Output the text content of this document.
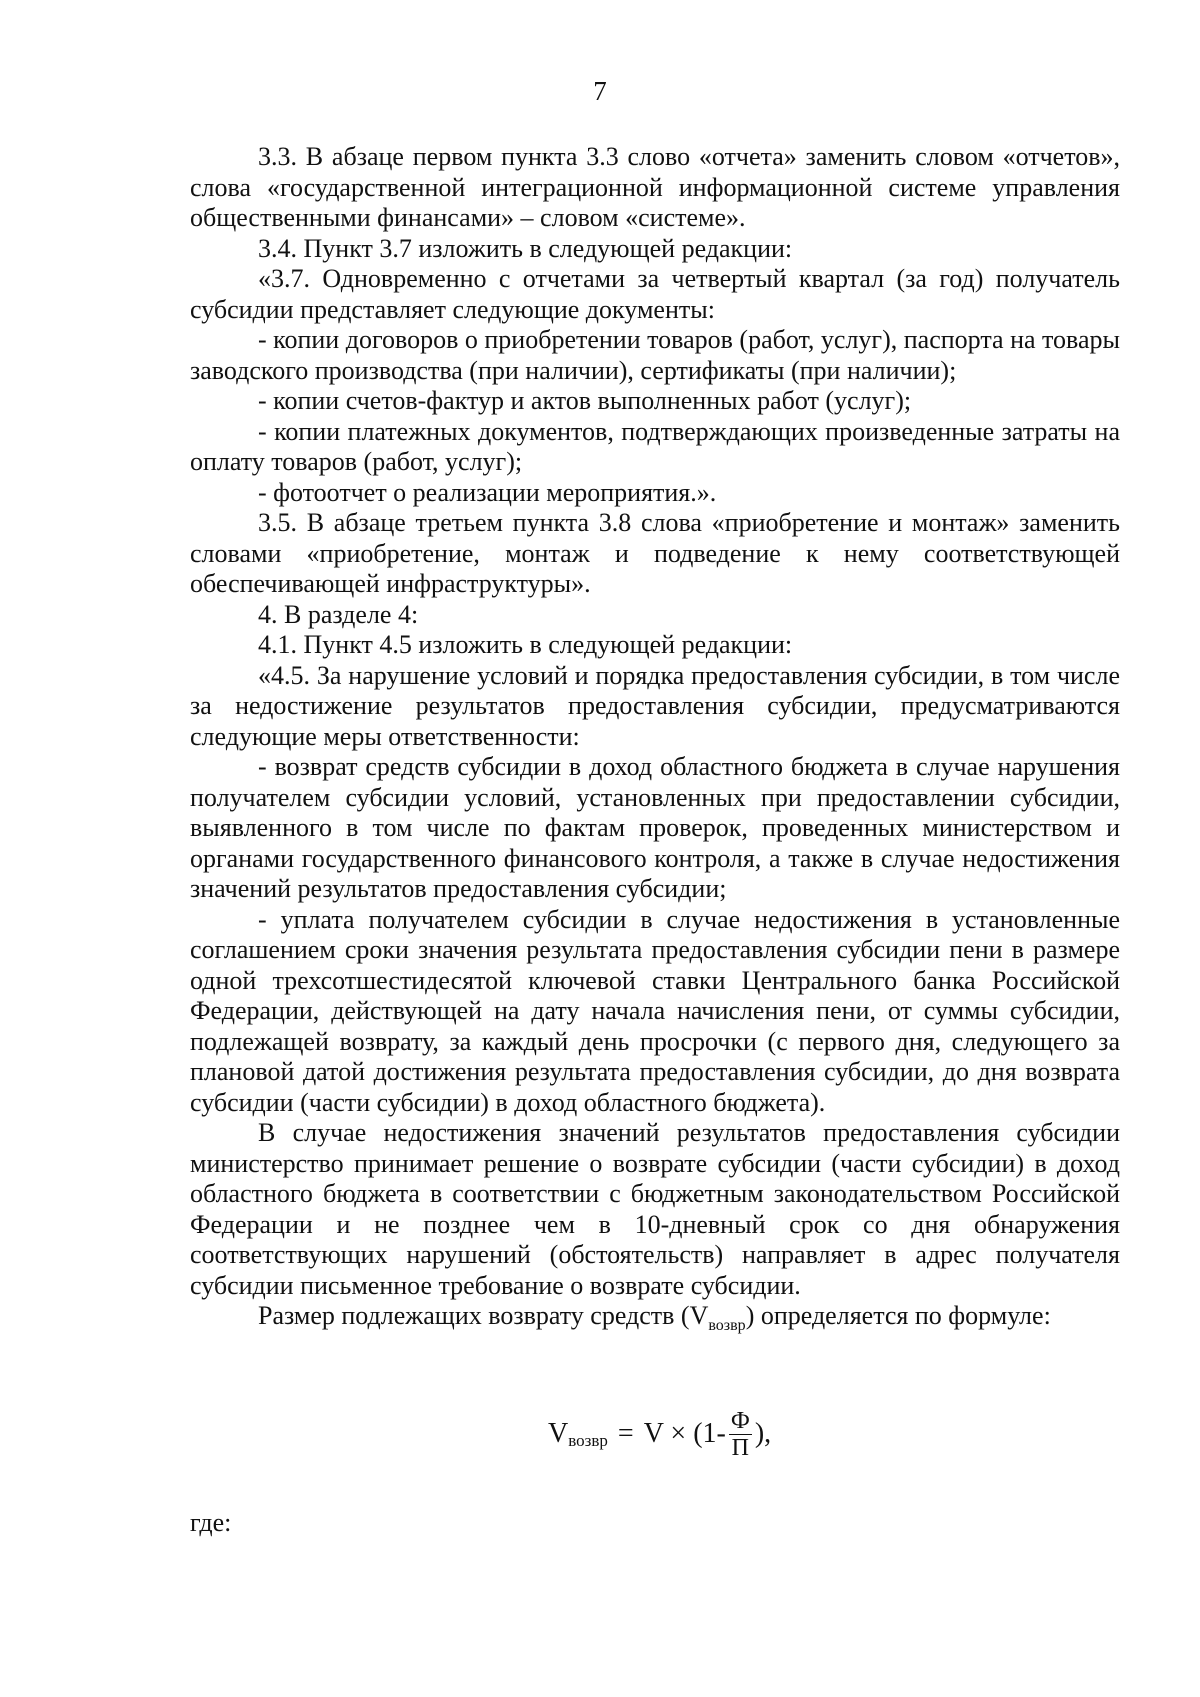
7

3.3. В абзаце первом пункта 3.3 слово «отчета» заменить словом «отчетов», слова «государственной интеграционной информационной системе управления общественными финансами» – словом «системе».

3.4. Пункт 3.7 изложить в следующей редакции:

«3.7. Одновременно с отчетами за четвертый квартал (за год) получатель субсидии представляет следующие документы:

- копии договоров о приобретении товаров (работ, услуг), паспорта на товары заводского производства (при наличии), сертификаты (при наличии);

- копии счетов-фактур и актов выполненных работ (услуг);

- копии платежных документов, подтверждающих произведенные затраты на оплату товаров (работ, услуг);

- фотоотчет о реализации мероприятия.».

3.5. В абзаце третьем пункта 3.8 слова «приобретение и монтаж» заменить словами «приобретение, монтаж и подведение к нему соответствующей обеспечивающей инфраструктуры».

4. В разделе 4:

4.1. Пункт 4.5 изложить в следующей редакции:

«4.5. За нарушение условий и порядка предоставления субсидии, в том числе за недостижение результатов предоставления субсидии, предусматриваются следующие меры ответственности:

- возврат средств субсидии в доход областного бюджета в случае нарушения получателем субсидии условий, установленных при предоставлении субсидии, выявленного в том числе по фактам проверок, проведенных министерством и органами государственного финансового контроля, а также в случае недостижения значений результатов предоставления субсидии;

- уплата получателем субсидии в случае недостижения в установленные соглашением сроки значения результата предоставления субсидии пени в размере одной трехсотшестидесятой ключевой ставки Центрального банка Российской Федерации, действующей на дату начала начисления пени, от суммы субсидии, подлежащей возврату, за каждый день просрочки (с первого дня, следующего за плановой датой достижения результата предоставления субсидии, до дня возврата субсидии (части субсидии) в доход областного бюджета).

В случае недостижения значений результатов предоставления субсидии министерство принимает решение о возврате субсидии (части субсидии) в доход областного бюджета в соответствии с бюджетным законодательством Российской Федерации и не позднее чем в 10-дневный срок со дня обнаружения соответствующих нарушений (обстоятельств) направляет в адрес получателя субсидии письменное требование о возврате субсидии.

Размер подлежащих возврату средств $(V_{возвр})$ определяется по формуле:

V возвр = $V \times (1- \frac{Ф}{П}$ ),

где:
